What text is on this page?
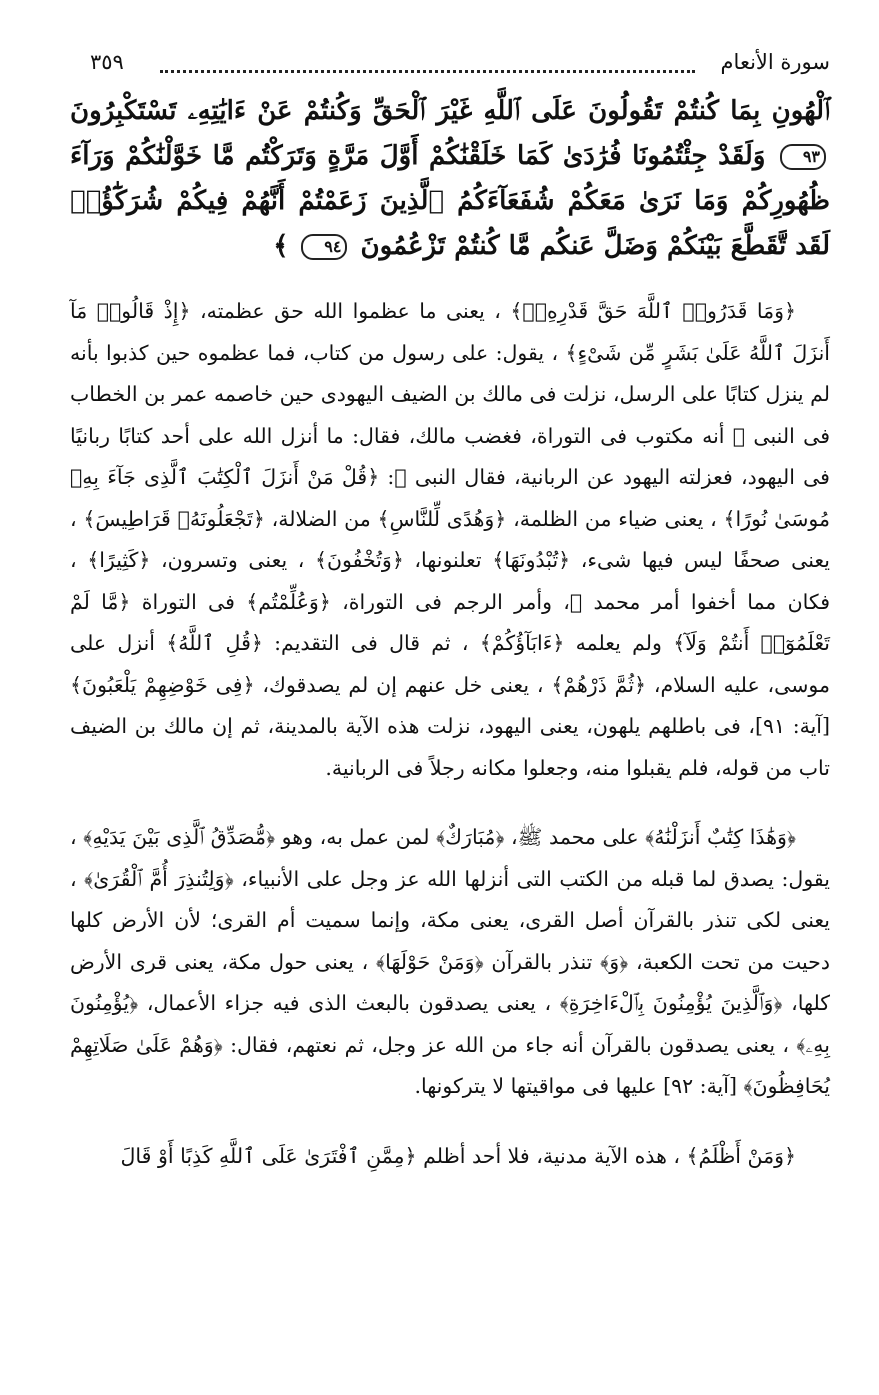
سورة الأنعام
٣٥٩
ٱلْهُونِ بِمَا كُنتُمْ تَقُولُونَ عَلَى ٱللَّهِ غَيْرَ ٱلْحَقِّ وَكُنتُمْ عَنْ ءَايَٰتِهِۦ تَسْتَكْبِرُونَ ٩٣ وَلَقَدْ جِئْتُمُونَا فُرَٰدَىٰ كَمَا خَلَقْنَٰكُمْ أَوَّلَ مَرَّةٍ وَتَرَكْتُم مَّا خَوَّلْنَٰكُمْ وَرَآءَ ظُهُورِكُمْ وَمَا نَرَىٰ مَعَكُمْ شُفَعَآءَكُمُ ٱلَّذِينَ زَعَمْتُمْ أَنَّهُمْ فِيكُمْ شُرَكَٰٓؤُا۟ لَقَد تَّقَطَّعَ بَيْنَكُمْ وَضَلَّ عَنكُم مَّا كُنتُمْ تَزْعُمُونَ ٩٤ ﴾

﴿وَمَا قَدَرُوا۟ ٱللَّهَ حَقَّ قَدْرِهِۦٓ﴾ ، يعنى ما عظموا الله حق عظمته، ﴿إِذْ قَالُوا۟ مَآ أَنزَلَ ٱللَّهُ عَلَىٰ بَشَرٍ مِّن شَىْءٍ﴾ ، يقول: على رسول من كتاب، فما عظموه حين كذبوا بأنه لم ينزل كتابًا على الرسل، نزلت فى مالك بن الضيف اليهودى حين خاصمه عمر بن الخطاب فى النبى ﷺ أنه مكتوب فى التوراة، فغضب مالك، فقال: ما أنزل الله على أحد كتابًا ربانيًا فى اليهود، فعزلته اليهود عن الربانية، فقال النبى ﷺ: ﴿قُلْ مَنْ أَنزَلَ ٱلْكِتَٰبَ ٱلَّذِى جَآءَ بِهِۦ مُوسَىٰ نُورًا﴾ ، يعنى ضياء من الظلمة، ﴿وَهُدًى لِّلنَّاسِ﴾ من الضلالة، ﴿تَجْعَلُونَهُۥ قَرَاطِيسَ﴾ ، يعنى صحفًا ليس فيها شىء، ﴿تُبْدُونَهَا﴾ تعلنونها، ﴿وَتُخْفُونَ﴾ ، يعنى وتسرون، ﴿كَثِيرًا﴾ ، فكان مما أخفوا أمر محمد ﷺ، وأمر الرجم فى التوراة، ﴿وَعُلِّمْتُم﴾ فى التوراة ﴿مَّا لَمْ تَعْلَمُوٓا۟ أَنتُمْ وَلَآ﴾ ولم يعلمه ﴿ءَابَآؤُكُمْ﴾ ، ثم قال فى التقديم: ﴿قُلِ ٱللَّهُ﴾ أنزل على موسى، عليه السلام، ﴿ثُمَّ ذَرْهُمْ﴾ ، يعنى خل عنهم إن لم يصدقوك، ﴿فِى خَوْضِهِمْ يَلْعَبُونَ﴾ [آية: ٩١]، فى باطلهم يلهون، يعنى اليهود، نزلت هذه الآية بالمدينة، ثم إن مالك بن الضيف تاب من قوله، فلم يقبلوا منه، وجعلوا مكانه رجلاً فى الربانية.

﴿وَهَٰذَا كِتَٰبٌ أَنزَلْنَٰهُ﴾ على محمد ﷺ، ﴿مُبَارَكٌ﴾ لمن عمل به، وهو ﴿مُّصَدِّقُ ٱلَّذِى بَيْنَ يَدَيْهِ﴾ ، يقول: يصدق لما قبله من الكتب التى أنزلها الله عز وجل على الأنبياء، ﴿وَلِتُنذِرَ أُمَّ ٱلْقُرَىٰ﴾ ، يعنى لكى تنذر بالقرآن أصل القرى، يعنى مكة، وإنما سميت أم القرى؛ لأن الأرض كلها دحيت من تحت الكعبة، ﴿وَ﴾ تنذر بالقرآن ﴿وَمَنْ حَوْلَهَا﴾ ، يعنى حول مكة، يعنى قرى الأرض كلها، ﴿وَٱلَّذِينَ يُؤْمِنُونَ بِٱلْءَاخِرَةِ﴾ ، يعنى يصدقون بالبعث الذى فيه جزاء الأعمال، ﴿يُؤْمِنُونَ بِهِۦ﴾ ، يعنى يصدقون بالقرآن أنه جاء من الله عز وجل، ثم نعتهم، فقال: ﴿وَهُمْ عَلَىٰ صَلَاتِهِمْ يُحَافِظُونَ﴾ [آية: ٩٢] عليها فى مواقيتها لا يتركونها.

﴿وَمَنْ أَظْلَمُ﴾ ، هذه الآية مدنية، فلا أحد أظلم ﴿مِمَّنِ ٱفْتَرَىٰ عَلَى ٱللَّهِ كَذِبًا أَوْ قَالَ
